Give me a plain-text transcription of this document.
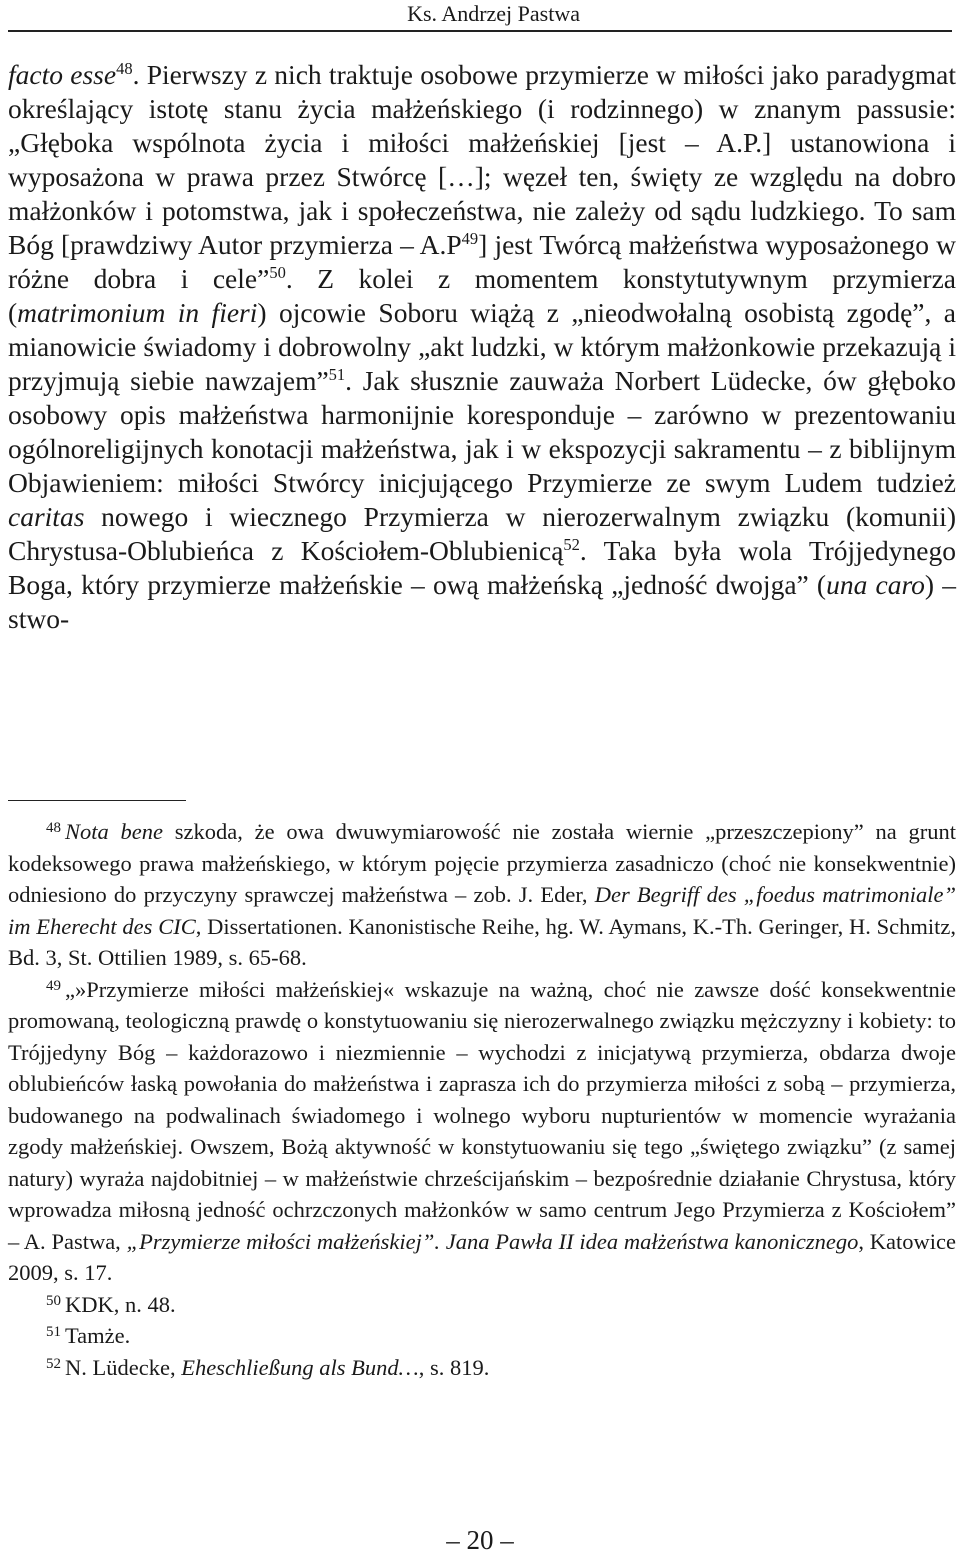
Ks. Andrzej Pastwa

facto esse$^{48}$. Pierwszy z nich traktuje osobowe przymierze w miłości jako paradygmat określający istotę stanu życia małżeńskiego (i rodzinnego) w znanym passusie: „Głęboka wspólnota życia i miłości małżeńskiej [jest – A.P.] ustanowiona i wyposażona w prawa przez Stwórcę […]; węzeł ten, święty ze względu na dobro małżonków i potomstwa, jak i społeczeństwa, nie zależy od sądu ludzkiego. To sam Bóg [prawdziwy Autor przymierza – $A.P^{49}$] jest Twórcą małżeństwa wyposażonego w różne dobra i cele”$^{50}$. Z kolei z momentem konstytutywnym przymierza (matrimonium in fieri) ojcowie Soboru wiążą z „nieodwołalną osobistą zgodę”, a mianowicie świadomy i dobrowolny „akt ludzki, w którym małżonkowie przekazują i przyjmują siebie nawzajem”$^{51}$. Jak słusznie zauważa Norbert Lüdecke, ów głęboko osobowy opis małżeństwa harmonijnie koresponduje – zarówno w prezentowaniu ogólnoreligijnych konotacji małżeństwa, jak i w ekspozycji sakramentu – z biblijnym Objawieniem: miłości Stwórcy inicjującego Przymierze ze swym Ludem tudzież caritas nowego i wiecznego Przymierza w nierozerwalnym związku (komunii) Chrystusa-Oblubieńca z Kościołem-Oblubienicą$^{52}$. Taka była wola Trójjedynego Boga, który przymierze małżeńskie – ową małżeńską „jedność dwojga” (una caro) – stwo-

$^{48}$ Nota bene szkoda, że owa dwuwymiarowość nie została wiernie „przeszczepiony” na grunt kodeksowego prawa małżeńskiego, w którym pojęcie przymierza zasadniczo (choć nie konsekwentnie) odniesiono do przyczyny sprawczej małżeństwa – zob. J. Eder, Der Begriff des „foedus matrimoniale” im Eherecht des CIC, Dissertationen. Kanonistische Reihe, hg. W. Aymans, K.-Th. Geringer, H. Schmitz, Bd. 3, St. Ottilien 1989, s. 65-68.

$^{49}$ „»Przymierze miłości małżeńskiej« wskazuje na ważną, choć nie zawsze dość konsekwentnie promowaną, teologiczną prawdę o konstytuowaniu się nierozerwalnego związku mężczyzny i kobiety: to Trójjedyny Bóg – każdorazowo i niezmiennie – wychodzi z inicjatywą przymierza, obdarza dwoje oblubieńców łaską powołania do małżeństwa i zaprasza ich do przymierza miłości z sobą – przymierza, budowanego na podwalinach świadomego i wolnego wyboru nupturientów w momencie wyrażania zgody małżeńskiej. Owszem, Bożą aktywność w konstytuowaniu się tego „świętego związku” (z samej natury) wyraża najdobitniej – w małżeństwie chrześcijańskim – bezpośrednie działanie Chrystusa, który wprowadza miłosną jedność ochrzczonych małżonków w samo centrum Jego Przymierza z Kościołem” – A. Pastwa, „Przymierze miłości małżeńskiej”. Jana Pawła II idea małżeństwa kanonicznego, Katowice 2009, s. 17.

$^{50}$ KDK, n. 48.

$^{51}$ Tamże.

$^{52}$ N. Lüdecke, Eheschließung als Bund…, s. 819.

– 20 –
